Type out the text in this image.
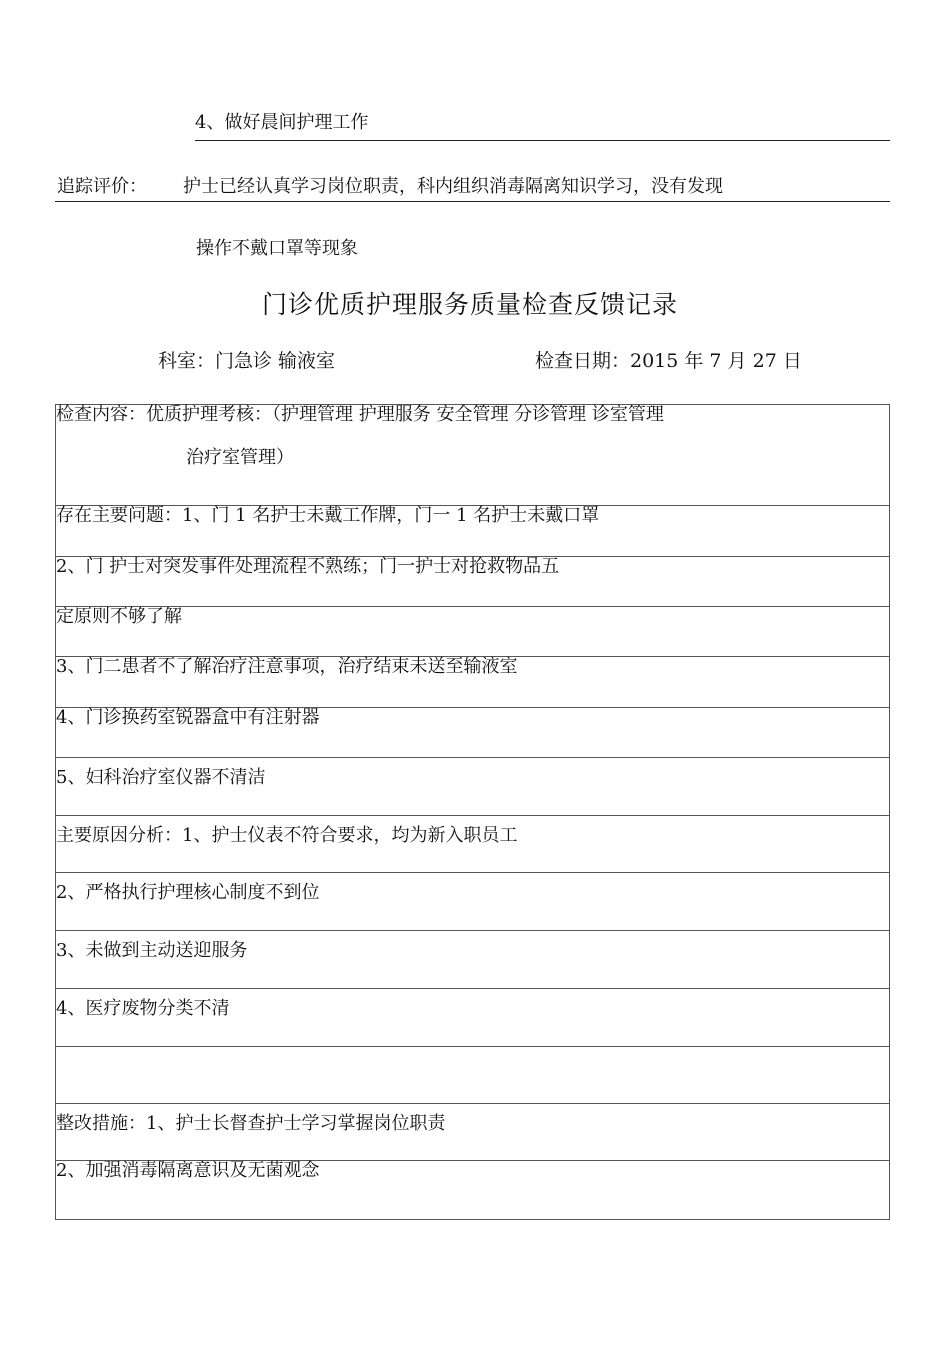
4、做好晨间护理工作
追踪评价： 护士已经认真学习岗位职责，科内组织消毒隔离知识学习，没有发现
操作不戴口罩等现象
门诊优质护理服务质量检查反馈记录
科室：门急诊 输液室	检查日期：2015 年 7 月 27 日
检查内容：优质护理考核：（护理管理 护理服务 安全管理 分诊管理 诊室管理
治疗室管理）

存在主要问题：1、门 1 名护士未戴工作牌，门一 1 名护士未戴口罩
2、门 护士对突发事件处理流程不熟练；门一护士对抢救物品五
定原则不够了解
3、门二患者不了解治疗注意事项，治疗结束未送至输液室
4、门诊换药室锐器盒中有注射器
5、妇科治疗室仪器不清洁
主要原因分析：1、护士仪表不符合要求，均为新入职员工
2、严格执行护理核心制度不到位
3、未做到主动送迎服务
4、医疗废物分类不清

整改措施：1、护士长督查护士学习掌握岗位职责
2、加强消毒隔离意识及无菌观念
